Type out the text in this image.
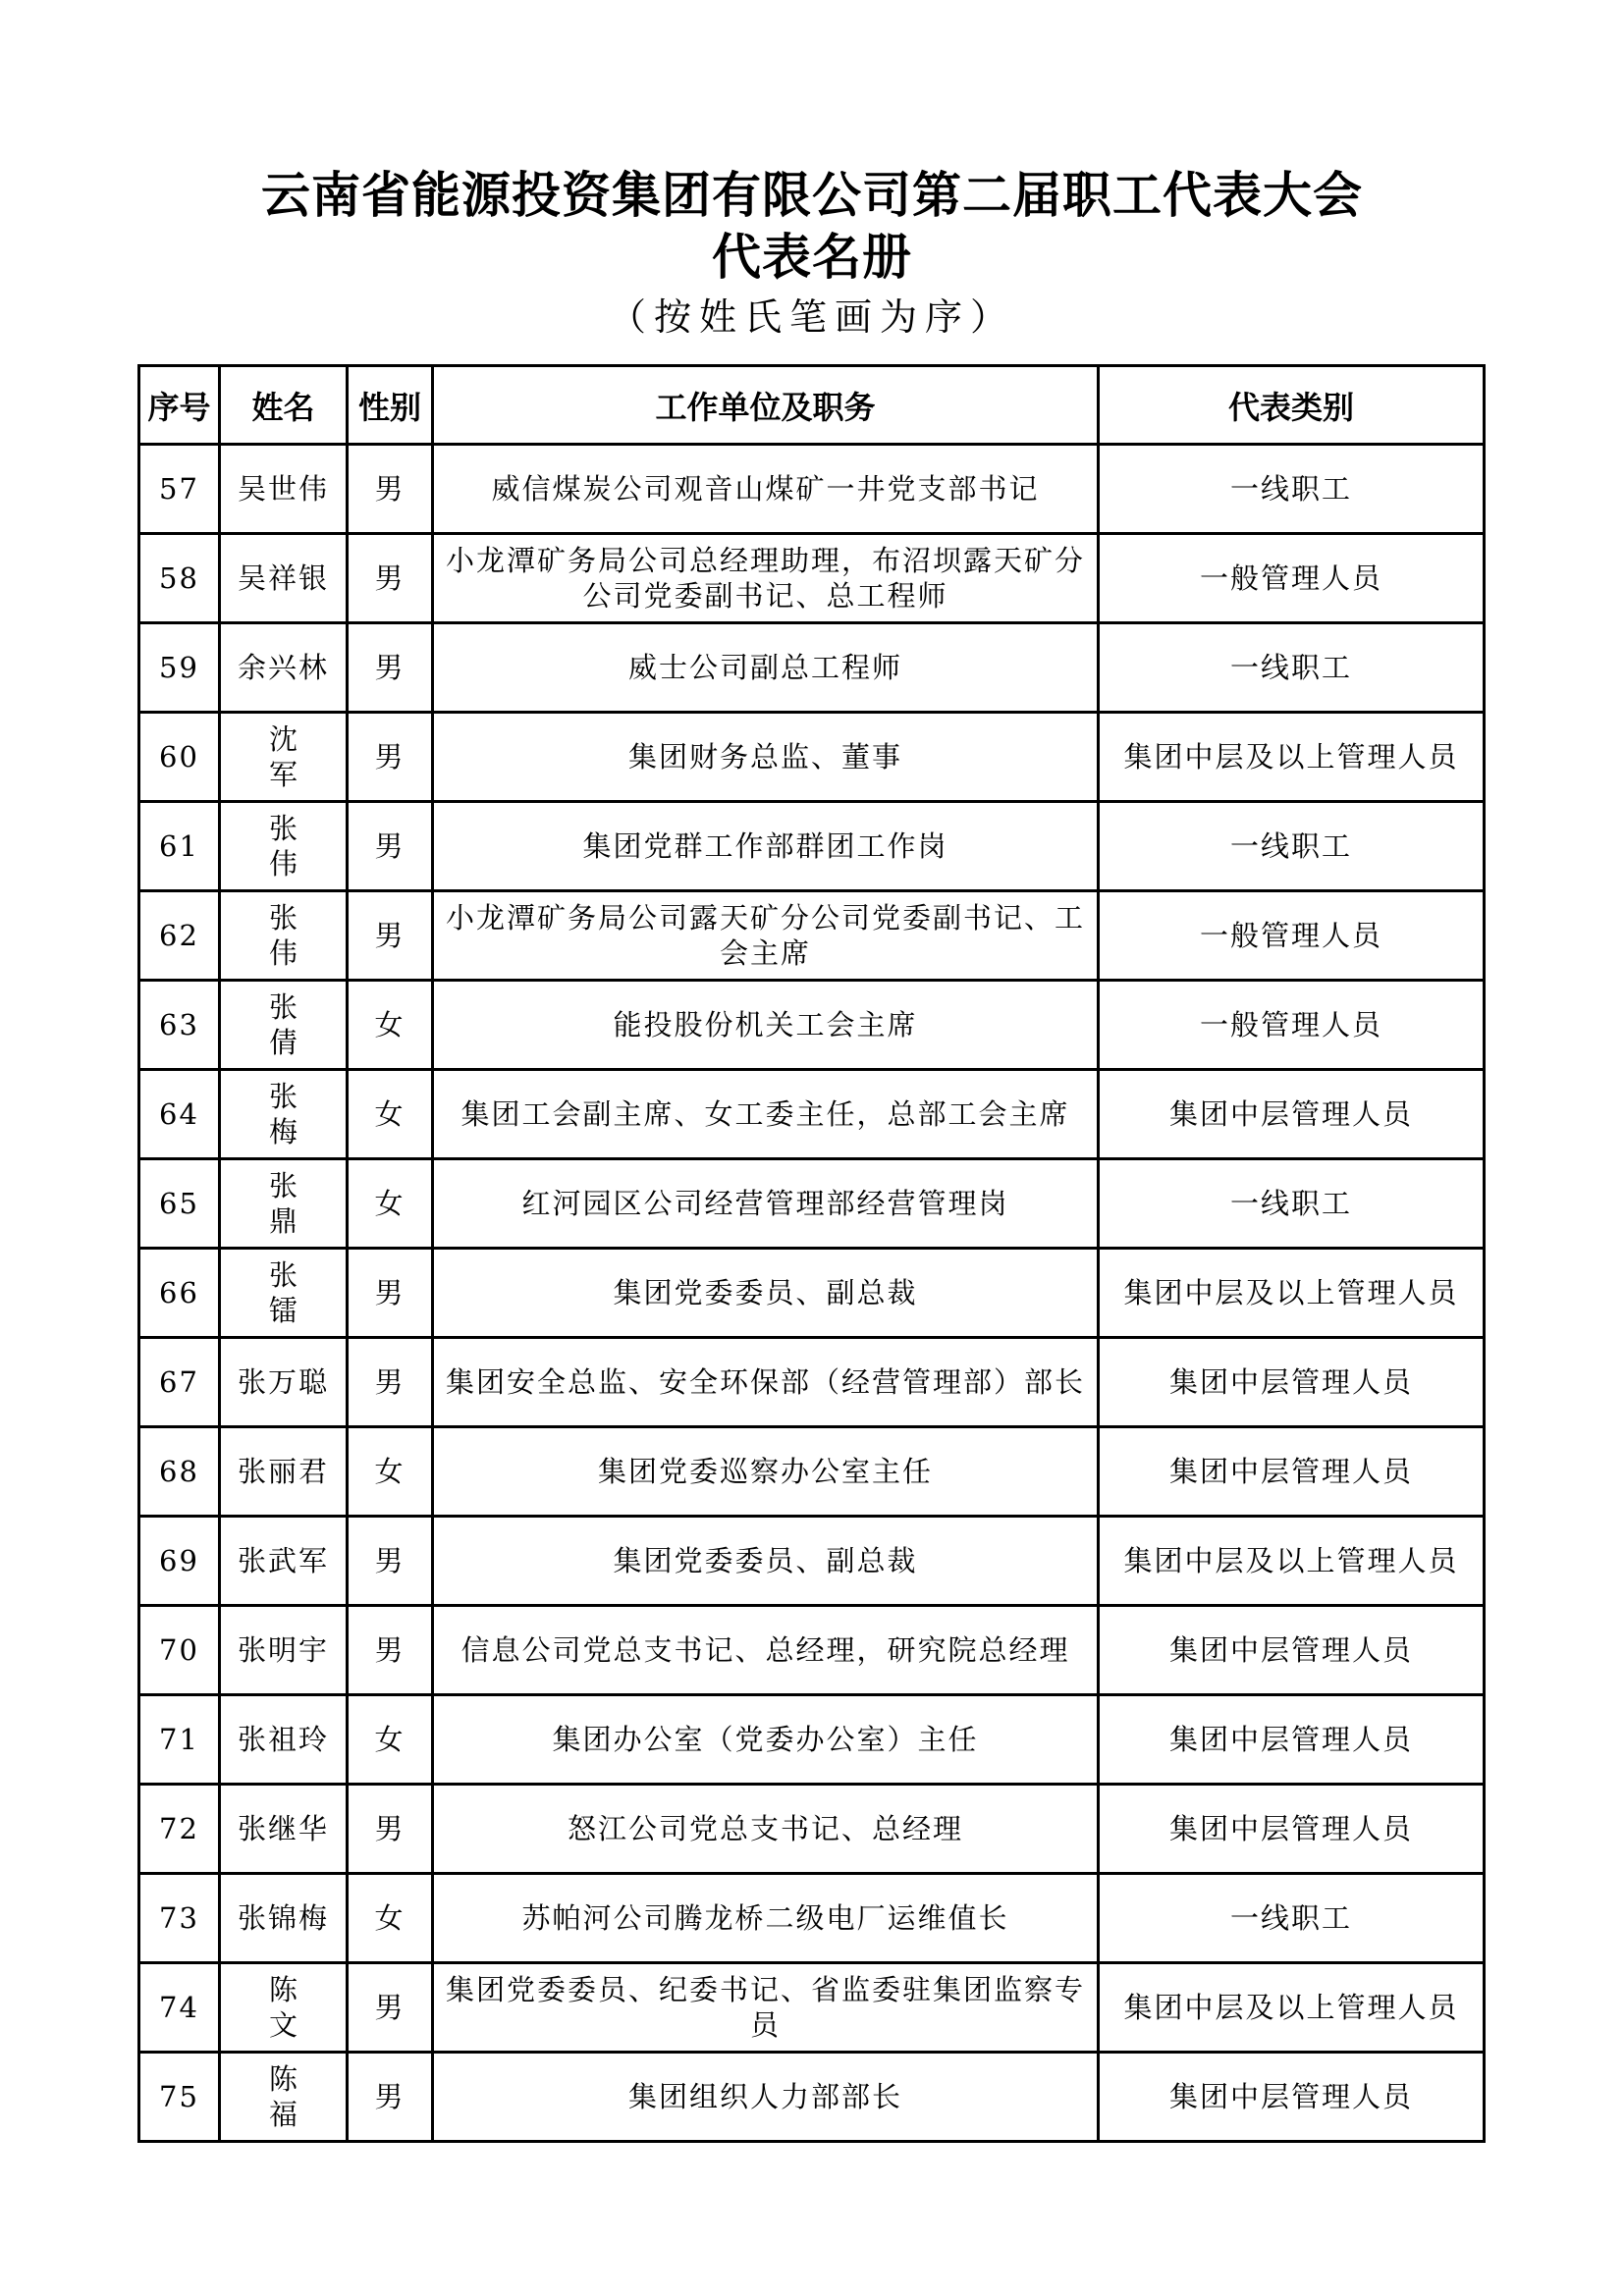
云南省能源投资集团有限公司第二届职工代表大会
代表名册
（按姓氏笔画为序）
序号	姓名	性别	工作单位及职务	代表类别
57	吴世伟	男	威信煤炭公司观音山煤矿一井党支部书记	一线职工
58	吴祥银	男	小龙潭矿务局公司总经理助理，布沼坝露天矿分公司党委副书记、总工程师	一般管理人员
59	余兴林	男	威士公司副总工程师	一线职工
60	沈军	男	集团财务总监、董事	集团中层及以上管理人员
61	张伟	男	集团党群工作部群团工作岗	一线职工
62	张伟	男	小龙潭矿务局公司露天矿分公司党委副书记、工会主席	一般管理人员
63	张倩	女	能投股份机关工会主席	一般管理人员
64	张梅	女	集团工会副主席、女工委主任，总部工会主席	集团中层管理人员
65	张鼎	女	红河园区公司经营管理部经营管理岗	一线职工
66	张镭	男	集团党委委员、副总裁	集团中层及以上管理人员
67	张万聪	男	集团安全总监、安全环保部（经营管理部）部长	集团中层管理人员
68	张丽君	女	集团党委巡察办公室主任	集团中层管理人员
69	张武军	男	集团党委委员、副总裁	集团中层及以上管理人员
70	张明宇	男	信息公司党总支书记、总经理，研究院总经理	集团中层管理人员
71	张祖玲	女	集团办公室（党委办公室）主任	集团中层管理人员
72	张继华	男	怒江公司党总支书记、总经理	集团中层管理人员
73	张锦梅	女	苏帕河公司腾龙桥二级电厂运维值长	一线职工
74	陈文	男	集团党委委员、纪委书记、省监委驻集团监察专员	集团中层及以上管理人员
75	陈福	男	集团组织人力部部长	集团中层管理人员
